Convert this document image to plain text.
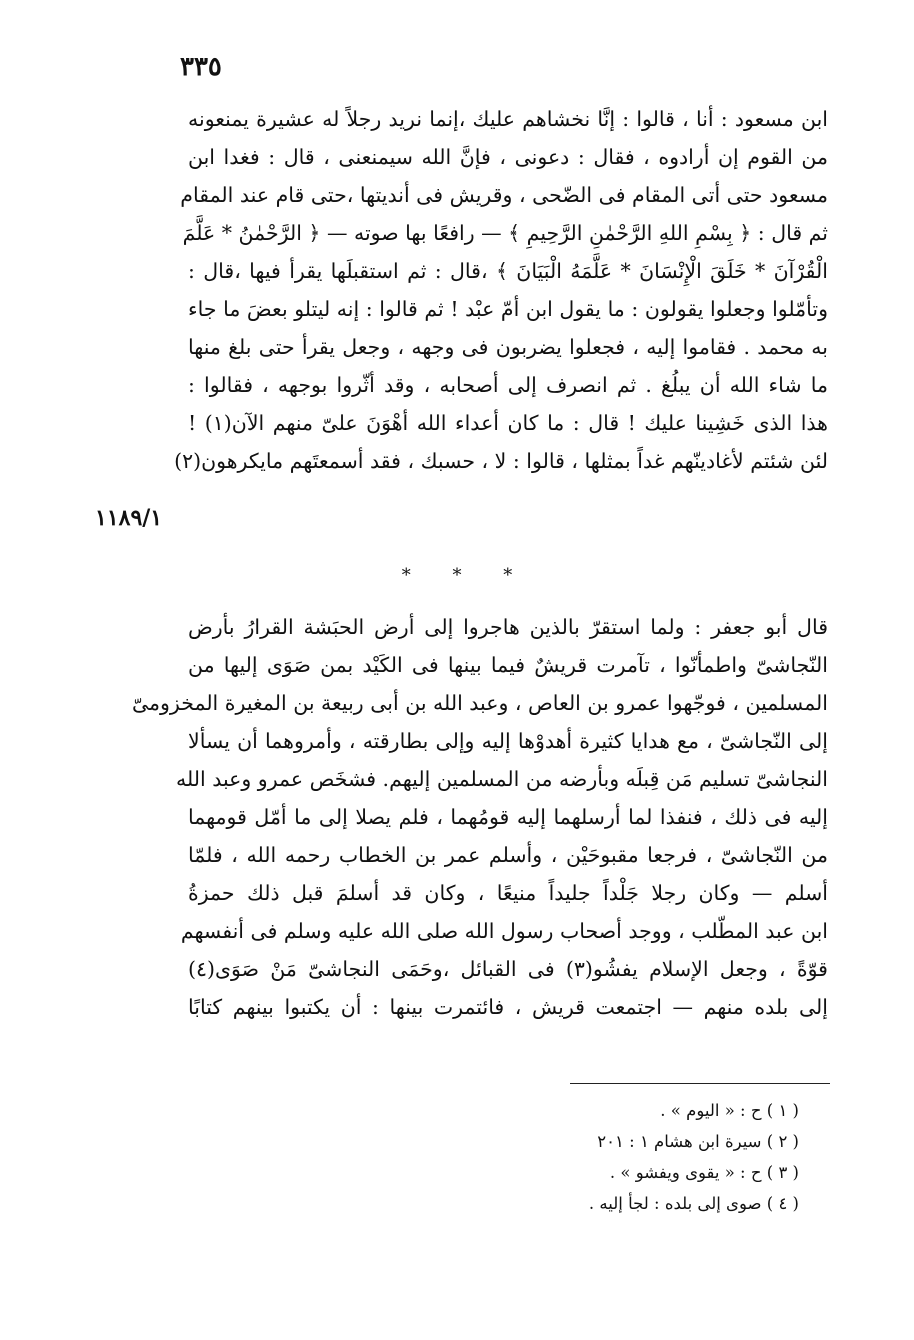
٣٣٥
ابن مسعود : أنا ، قالوا : إنَّا نخشاهم عليك ،إنما نريد رجلاً له عشيرة يمنعونه
من القوم إن أرادوه ، فقال : دعونى ، فإنَّ الله سيمنعنى ، قال : فغدا ابن
مسعود حتى أتى المقام فى الضّحى ، وقريش فى أنديتها ،حتى قام عند المقام
ثم قال : ﴿ بِسْمِ اللهِ الرَّحْمٰنِ الرَّحِيمِ ﴾ — رافعًا بها صوته — ﴿ الرَّحْمٰنُ * عَلَّمَ
الْقُرْآنَ * خَلَقَ الْإِنْسَانَ * عَلَّمَهُ الْبَيَانَ ﴾ ،قال : ثم استقبلَها يقرأ فيها ،قال :
وتأمّلوا وجعلوا يقولون : ما يقول ابن أمّ عبْد ! ثم قالوا : إنه ليتلو بعضَ ما جاء
به محمد . فقاموا إليه ، فجعلوا يضربون فى وجهه ، وجعل يقرأ حتى بلغ منها
ما شاء الله أن يبلُغ . ثم انصرف إلى أصحابه ، وقد أثّروا بوجهه ، فقالوا :
هذا الذى خَشِينا عليك ! قال : ما كان أعداء الله أهْوَنَ علىّ منهم الآن(١) !
لئن شئتم لأغادينّهم غداً بمثلها ، قالوا : لا ، حسبك ، فقد أسمعتَهم مايكرهون(٢)
١١٨٩/١
* * *
قال أبو جعفر : ولما استقرّ بالذين هاجروا إلى أرض الحبَشة القرارُ بأرض
النّجاشىّ واطمأنّوا ، تآمرت قريشٌ فيما بينها فى الكَيْد بمن صَوَى إليها من
المسلمين ، فوجّهوا عمرو بن العاص ، وعبد الله بن أبى ربيعة بن المغيرة المخزومىّ
إلى النّجاشىّ ، مع هدايا كثيرة أهدوْها إليه وإلى بطارقته ، وأمروهما أن يسألا
النجاشىّ تسليم مَن قِبلَه وبأرضه من المسلمين إليهم. فشخَص عمرو وعبد الله
إليه فى ذلك ، فنفذا لما أرسلهما إليه قومُهما ، فلم يصلا إلى ما أمّل قومهما
من النّجاشىّ ، فرجعا مقبوحَيْن ، وأسلم عمر بن الخطاب رحمه الله ، فلمّا
أسلم — وكان رجلا جَلْداً جليداً منيعًا ، وكان قد أسلمَ قبل ذلك حمزةُ
ابن عبد المطّلب ، ووجد أصحاب رسول الله صلى الله عليه وسلم فى أنفسهم
قوّةً ، وجعل الإسلام يفشُو(٣) فى القبائل ،وحَمَى النجاشىّ مَنْ صَوَى(٤)
إلى بلده منهم — اجتمعت قريش ، فائتمرت بينها : أن يكتبوا بينهم كتابًا
( ١ ) ح : « اليوم » .
( ٢ ) سيرة ابن هشام ١ : ٢٠١
( ٣ ) ح : « يقوى ويفشو » .
( ٤ ) صوى إلى بلده : لجأ إليه .
